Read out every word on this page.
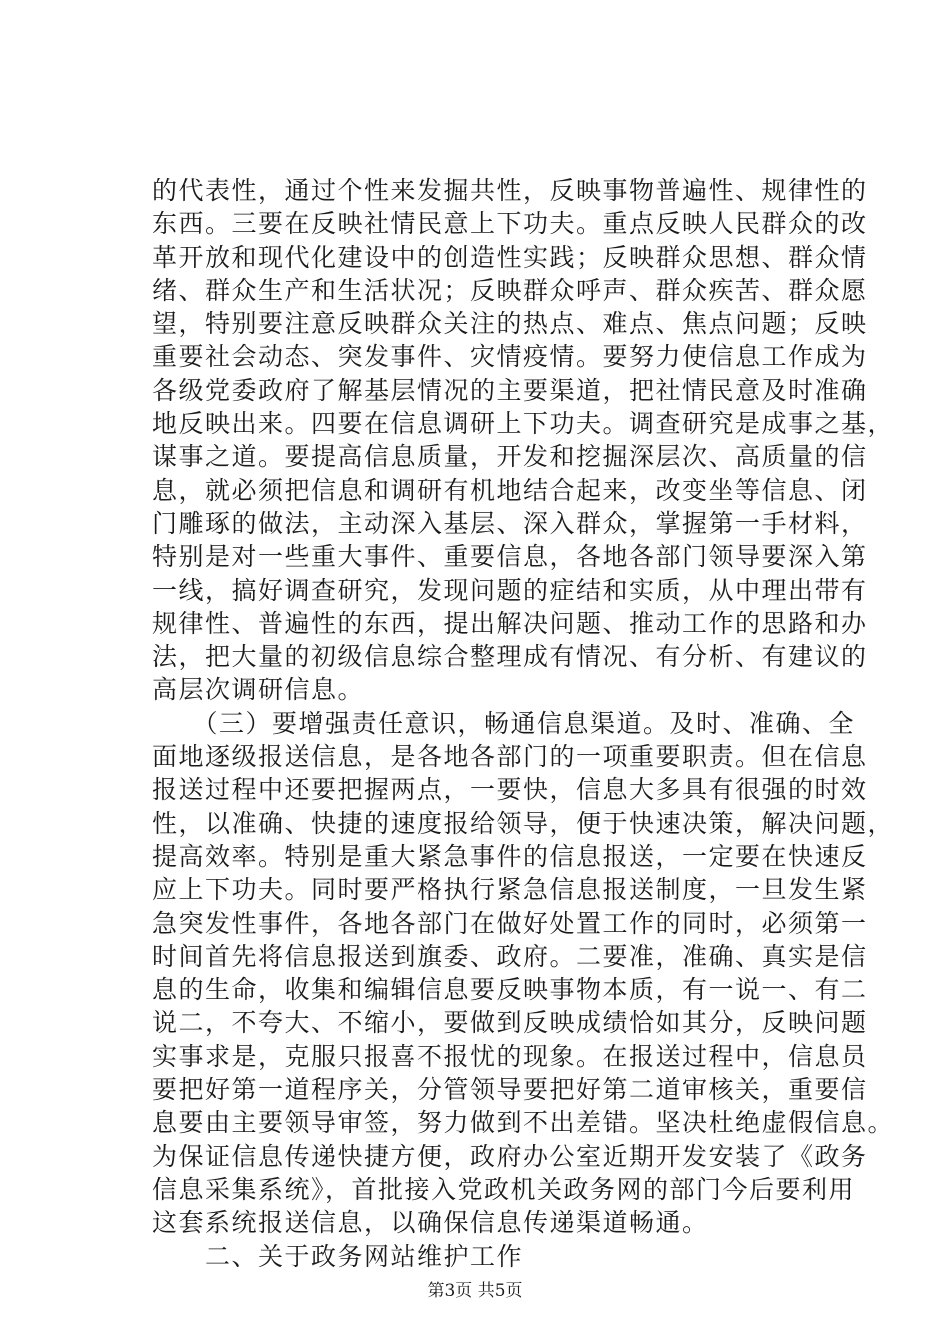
的代表性，通过个性来发掘共性，反映事物普遍性、规律性的
东西。三要在反映社情民意上下功夫。重点反映人民群众的改
革开放和现代化建设中的创造性实践；反映群众思想、群众情
绪、群众生产和生活状况；反映群众呼声、群众疾苦、群众愿
望，特别要注意反映群众关注的热点、难点、焦点问题；反映
重要社会动态、突发事件、灾情疫情。要努力使信息工作成为
各级党委政府了解基层情况的主要渠道，把社情民意及时准确
地反映出来。四要在信息调研上下功夫。调查研究是成事之基，
谋事之道。要提高信息质量，开发和挖掘深层次、高质量的信
息，就必须把信息和调研有机地结合起来，改变坐等信息、闭
门雕琢的做法，主动深入基层、深入群众，掌握第一手材料，
特别是对一些重大事件、重要信息，各地各部门领导要深入第
一线，搞好调查研究，发现问题的症结和实质，从中理出带有
规律性、普遍性的东西，提出解决问题、推动工作的思路和办
法，把大量的初级信息综合整理成有情况、有分析、有建议的
高层次调研信息。
　　（三）要增强责任意识，畅通信息渠道。及时、准确、全
面地逐级报送信息，是各地各部门的一项重要职责。但在信息
报送过程中还要把握两点，一要快，信息大多具有很强的时效
性，以准确、快捷的速度报给领导，便于快速决策，解决问题，
提高效率。特别是重大紧急事件的信息报送，一定要在快速反
应上下功夫。同时要严格执行紧急信息报送制度，一旦发生紧
急突发性事件，各地各部门在做好处置工作的同时，必须第一
时间首先将信息报送到旗委、政府。二要准，准确、真实是信
息的生命，收集和编辑信息要反映事物本质，有一说一、有二
说二，不夸大、不缩小，要做到反映成绩恰如其分，反映问题
实事求是，克服只报喜不报忧的现象。在报送过程中，信息员
要把好第一道程序关，分管领导要把好第二道审核关，重要信
息要由主要领导审签，努力做到不出差错。坚决杜绝虚假信息。
为保证信息传递快捷方便，政府办公室近期开发安装了《政务
信息采集系统》，首批接入党政机关政务网的部门今后要利用
这套系统报送信息，以确保信息传递渠道畅通。
　　二、关于政务网站维护工作
第3页 共5页
